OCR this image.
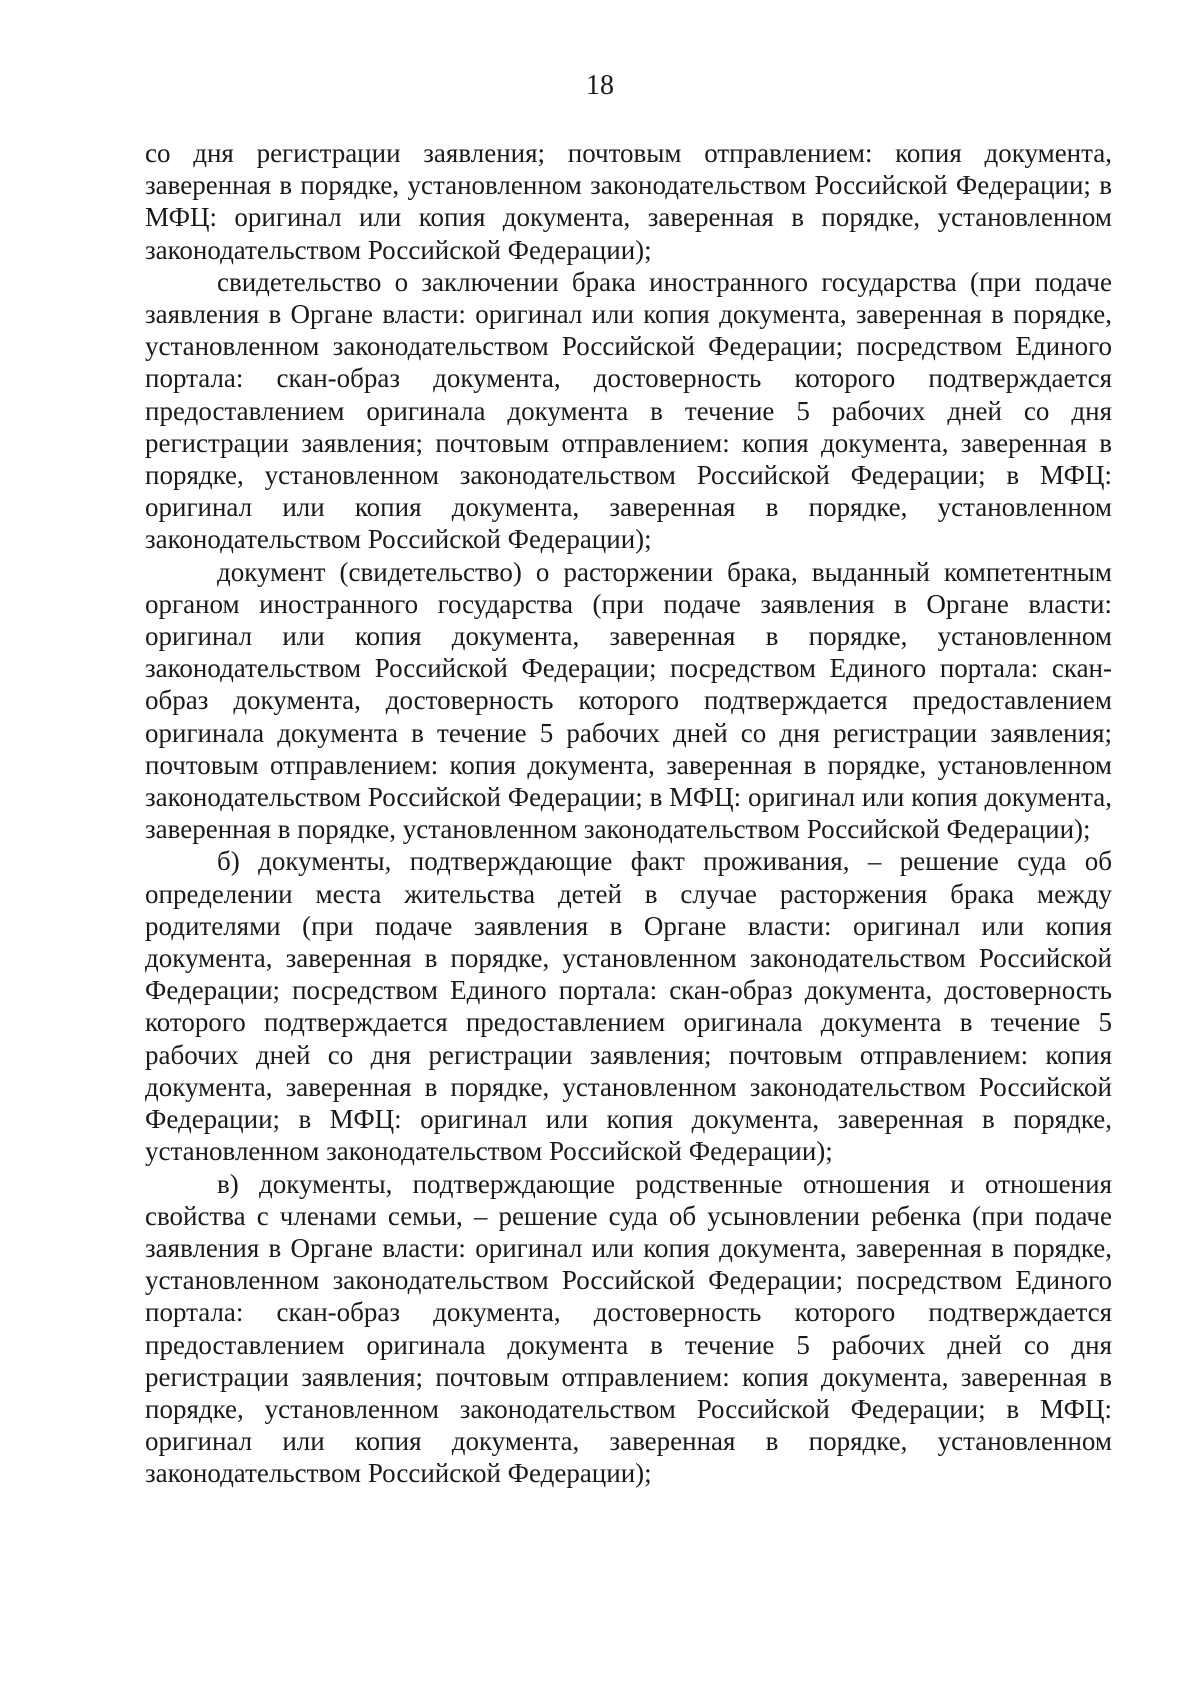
18

со дня регистрации заявления; почтовым отправлением: копия документа, заверенная в порядке, установленном законодательством Российской Федерации; в МФЦ: оригинал или копия документа, заверенная в порядке, установленном законодательством Российской Федерации);

свидетельство о заключении брака иностранного государства (при подаче заявления в Органе власти: оригинал или копия документа, заверенная в порядке, установленном законодательством Российской Федерации; посредством Единого портала: скан-образ документа, достоверность которого подтверждается предоставлением оригинала документа в течение 5 рабочих дней со дня регистрации заявления; почтовым отправлением: копия документа, заверенная в порядке, установленном законодательством Российской Федерации; в МФЦ: оригинал или копия документа, заверенная в порядке, установленном законодательством Российской Федерации);

документ (свидетельство) о расторжении брака, выданный компетентным органом иностранного государства (при подаче заявления в Органе власти: оригинал или копия документа, заверенная в порядке, установленном законодательством Российской Федерации; посредством Единого портала: скан-образ документа, достоверность которого подтверждается предоставлением оригинала документа в течение 5 рабочих дней со дня регистрации заявления; почтовым отправлением: копия документа, заверенная в порядке, установленном законодательством Российской Федерации; в МФЦ: оригинал или копия документа, заверенная в порядке, установленном законодательством Российской Федерации);

б) документы, подтверждающие факт проживания, – решение суда об определении места жительства детей в случае расторжения брака между родителями (при подаче заявления в Органе власти: оригинал или копия документа, заверенная в порядке, установленном законодательством Российской Федерации; посредством Единого портала: скан-образ документа, достоверность которого подтверждается предоставлением оригинала документа в течение 5 рабочих дней со дня регистрации заявления; почтовым отправлением: копия документа, заверенная в порядке, установленном законодательством Российской Федерации; в МФЦ: оригинал или копия документа, заверенная в порядке, установленном законодательством Российской Федерации);

в) документы, подтверждающие родственные отношения и отношения свойства с членами семьи, – решение суда об усыновлении ребенка (при подаче заявления в Органе власти: оригинал или копия документа, заверенная в порядке, установленном законодательством Российской Федерации; посредством Единого портала: скан-образ документа, достоверность которого подтверждается предоставлением оригинала документа в течение 5 рабочих дней со дня регистрации заявления; почтовым отправлением: копия документа, заверенная в порядке, установленном законодательством Российской Федерации; в МФЦ: оригинал или копия документа, заверенная в порядке, установленном законодательством Российской Федерации);
